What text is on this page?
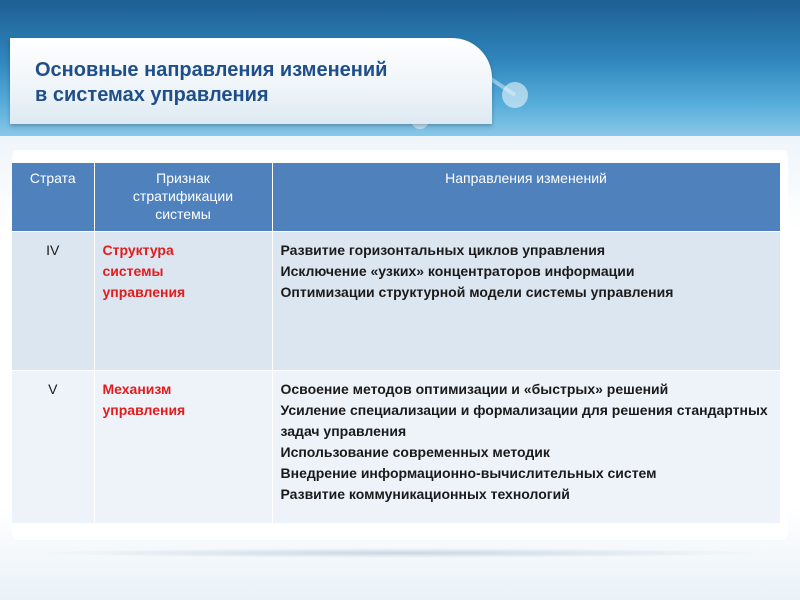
Основные направления изменений
в системах управления
Страта	Признак
стратификации
системы	Направления изменений
IV	Структура
системы
управления	Развитие горизонтальных циклов управления
Исключение «узких» концентраторов информации
Оптимизации структурной модели системы управления

V	Механизм
управления	Освоение методов оптимизации и «быстрых» решений
Усиление специализации и формализации для решения стандартных задач управления
Использование современных методик
Внедрение информационно-вычислительных систем
Развитие коммуникационных технологий
